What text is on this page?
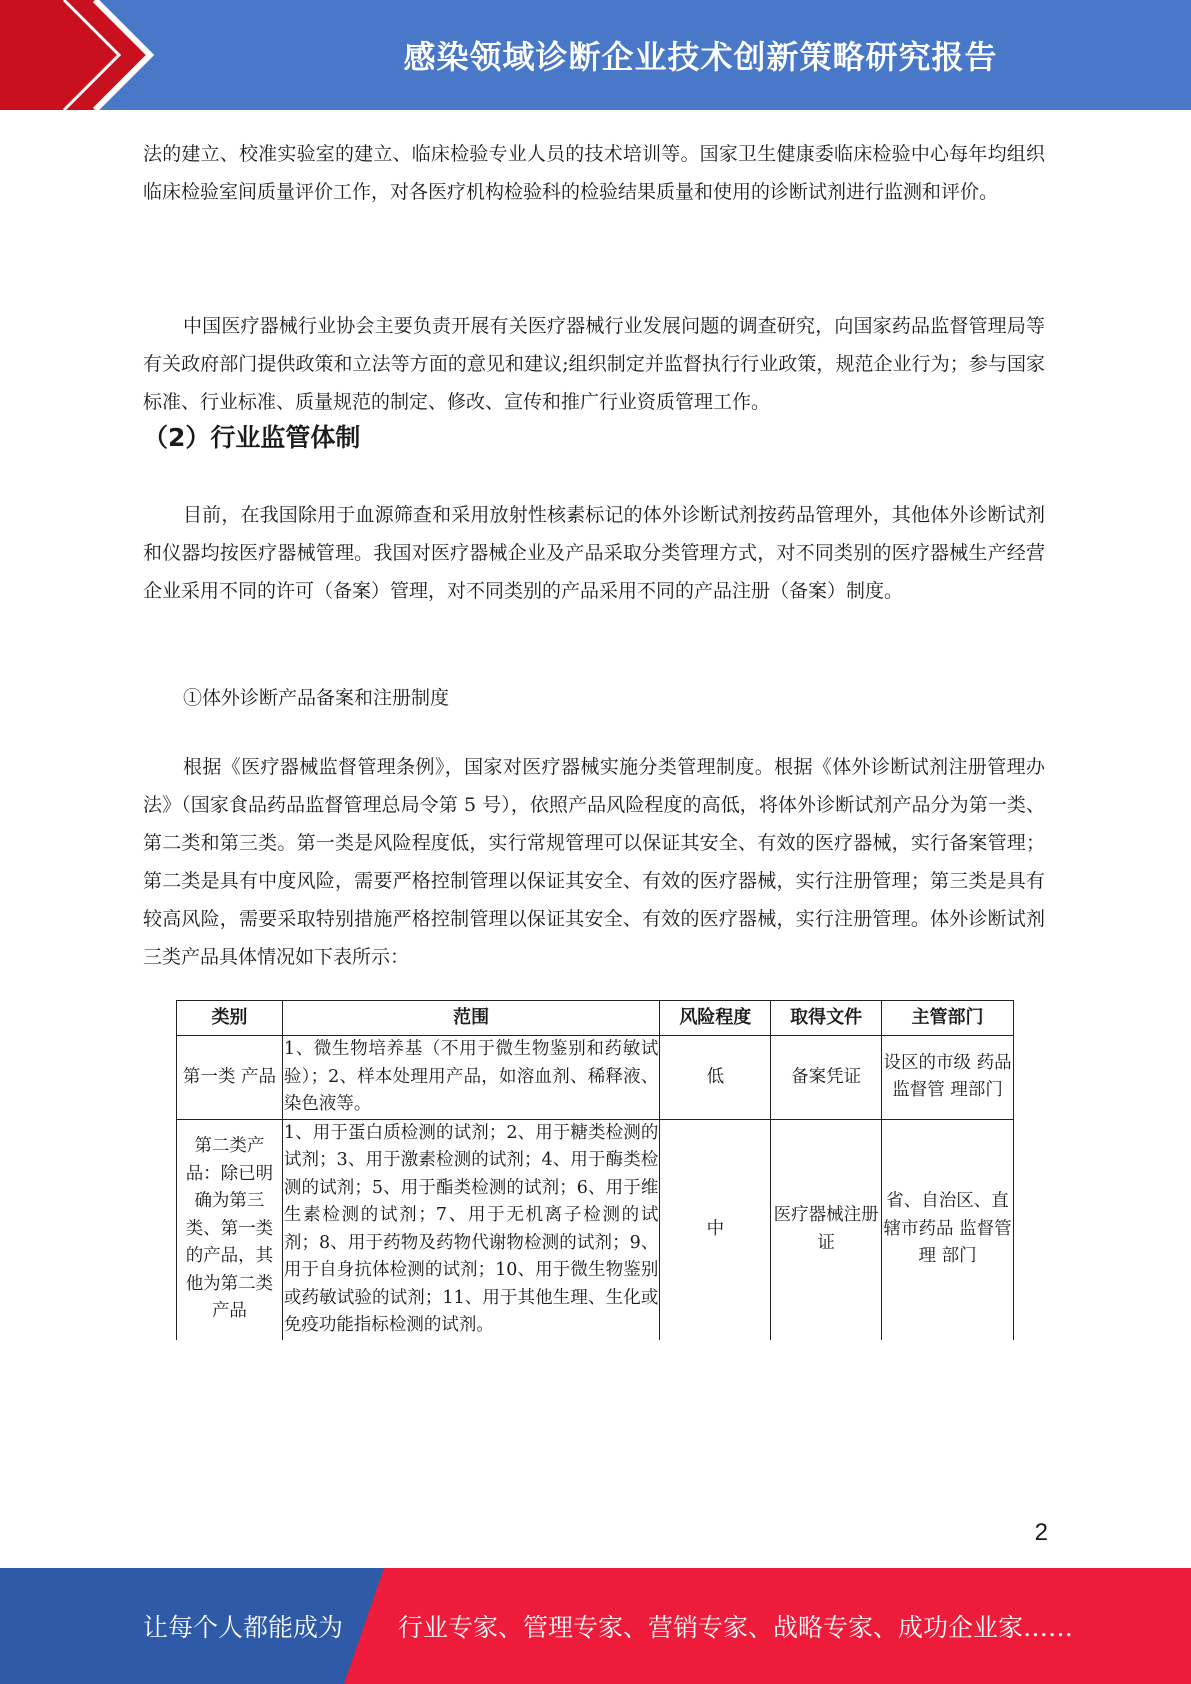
感染领域诊断企业技术创新策略研究报告

法的建立、校准实验室的建立、临床检验专业人员的技术培训等。国家卫生健康委临床检验中心每年均组织临床检验室间质量评价工作，对各医疗机构检验科的检验结果质量和使用的诊断试剂进行监测和评价。

中国医疗器械行业协会主要负责开展有关医疗器械行业发展问题的调查研究，向国家药品监督管理局等有关政府部门提供政策和立法等方面的意见和建议;组织制定并监督执行行业政策，规范企业行为；参与国家标准、行业标准、质量规范的制定、修改、宣传和推广行业资质管理工作。

（2）行业监管体制

目前，在我国除用于血源筛查和采用放射性核素标记的体外诊断试剂按药品管理外，其他体外诊断试剂和仪器均按医疗器械管理。我国对医疗器械企业及产品采取分类管理方式，对不同类别的医疗器械生产经营企业采用不同的许可（备案）管理，对不同类别的产品采用不同的产品注册（备案）制度。

①体外诊断产品备案和注册制度

根据《医疗器械监督管理条例》，国家对医疗器械实施分类管理制度。根据《体外诊断试剂注册管理办法》（国家食品药品监督管理总局令第 5 号），依照产品风险程度的高低，将体外诊断试剂产品分为第一类、第二类和第三类。第一类是风险程度低，实行常规管理可以保证其安全、有效的医疗器械，实行备案管理；第二类是具有中度风险，需要严格控制管理以保证其安全、有效的医疗器械，实行注册管理；第三类是具有较高风险，需要采取特别措施严格控制管理以保证其安全、有效的医疗器械，实行注册管理。体外诊断试剂三类产品具体情况如下表所示：

类别	范围	风险程度	取得文件	主管部门
第一类 产品	1、微生物培养基（不用于微生物鉴别和药敏试验）；2、样本处理用产品，如溶血剂、稀释液、染色液等。	低	备案凭证	设区的市级 药品监督管 理部门
第二类产品：除已明确为第三类、第一类的产品，其他为第二类产品	1、用于蛋白质检测的试剂；2、用于糖类检测的试剂；3、用于激素检测的试剂；4、用于酶类检测的试剂；5、用于酯类检测的试剂；6、用于维生素检测的试剂；7、用于无机离子检测的试剂；8、用于药物及药物代谢物检测的试剂；9、用于自身抗体检测的试剂；10、用于微生物鉴别或药敏试验的试剂；11、用于其他生理、生化或免疫功能指标检测的试剂。	中	医疗器械注册证	省、自治区、直辖市药品 监督管理 部门
2
让每个人都能成为 行业专家、管理专家、营销专家、战略专家、成功企业家……
